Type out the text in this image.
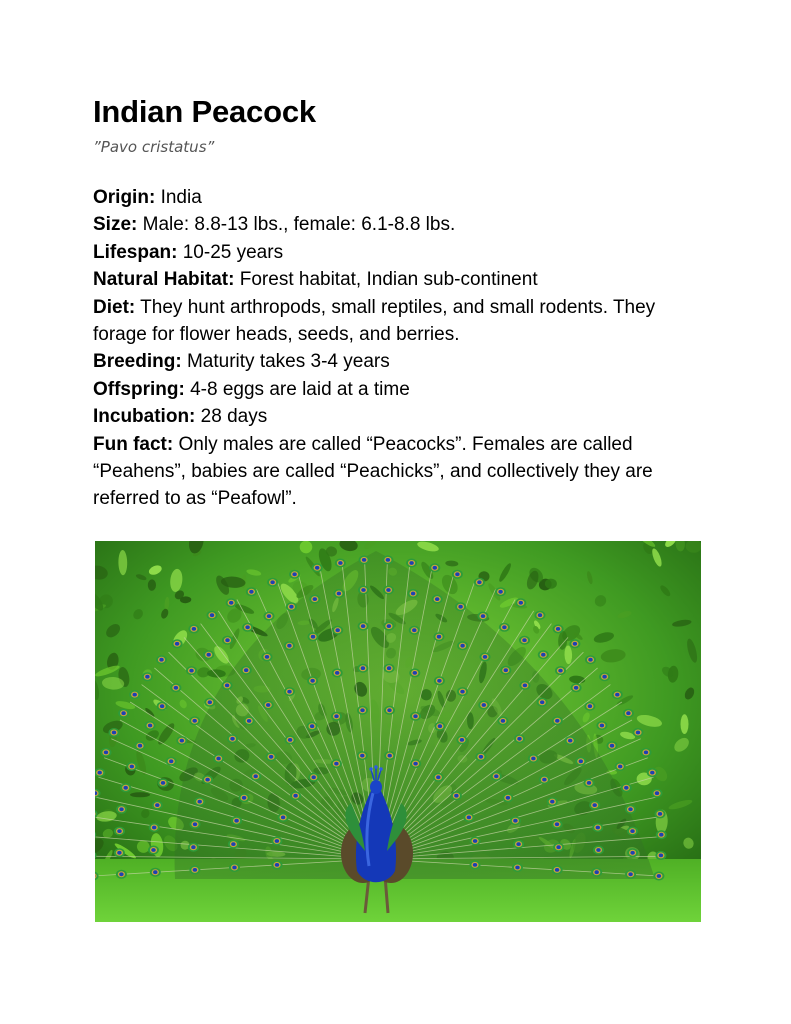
Indian Peacock
”Pavo cristatus”
Origin: India
Size: Male: 8.8-13 lbs., female: 6.1-8.8 lbs.
Lifespan: 10-25 years
Natural Habitat: Forest habitat, Indian sub-continent
Diet: They hunt arthropods, small reptiles, and small rodents. They forage for flower heads, seeds, and berries.
Breeding: Maturity takes 3-4 years
Offspring: 4-8 eggs are laid at a time
Incubation: 28 days
Fun fact: Only males are called “Peacocks”. Females are called “Peahens”, babies are called “Peachicks”, and collectively they are referred to as “Peafowl”.
